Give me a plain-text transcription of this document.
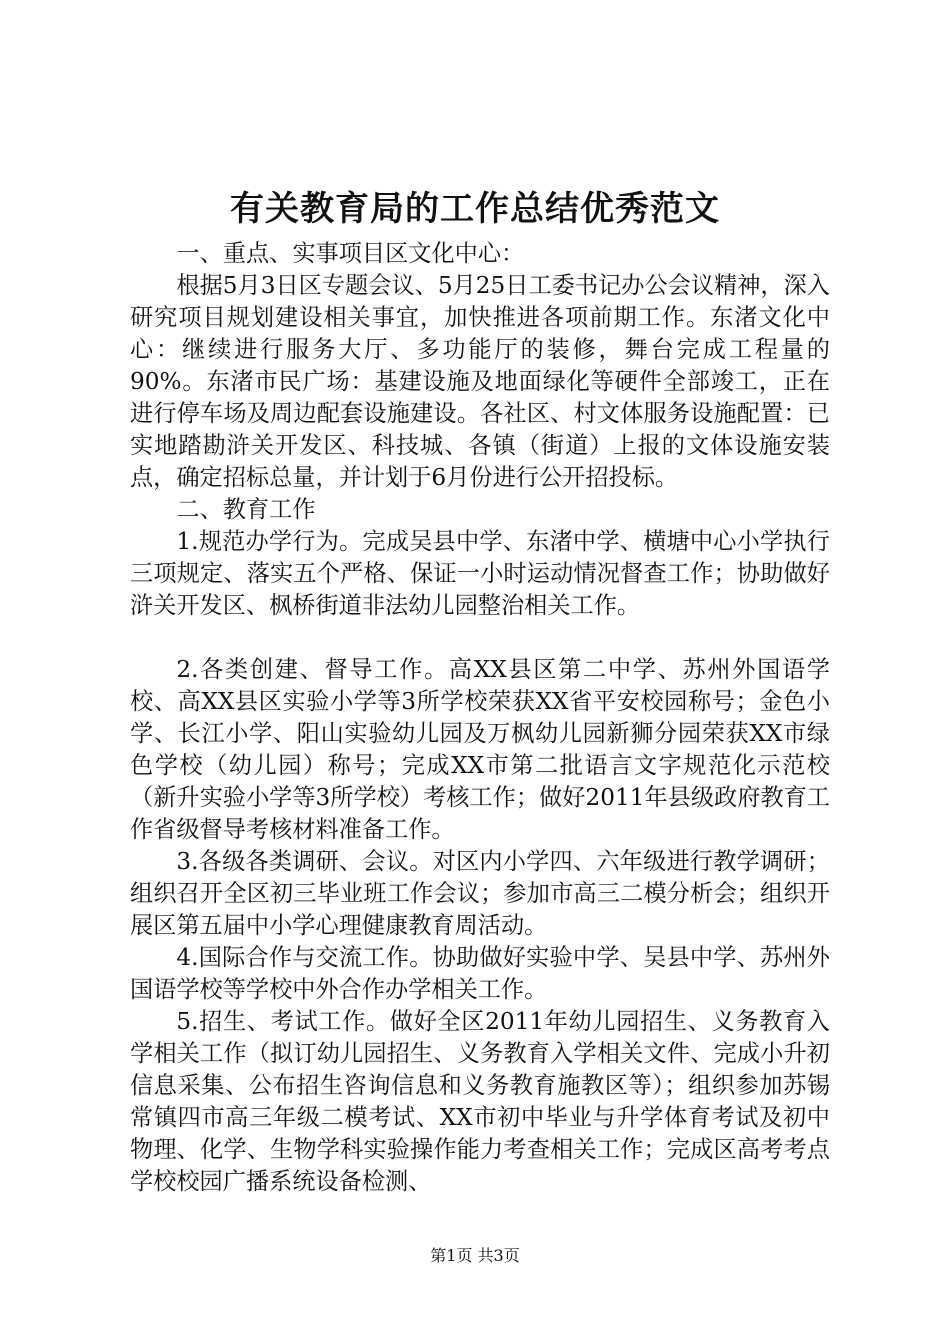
有关教育局的工作总结优秀范文

一、重点、实事项目区文化中心：

根据5月3日区专题会议、5月25日工委书记办公会议精神，深入研究项目规划建设相关事宜，加快推进各项前期工作。东渚文化中心：继续进行服务大厅、多功能厅的装修，舞台完成工程量的90%。东渚市民广场：基建设施及地面绿化等硬件全部竣工，正在进行停车场及周边配套设施建设。各社区、村文体服务设施配置：已实地踏勘浒关开发区、科技城、各镇（街道）上报的文体设施安装点，确定招标总量，并计划于6月份进行公开招投标。

二、教育工作

1.规范办学行为。完成吴县中学、东渚中学、横塘中心小学执行三项规定、落实五个严格、保证一小时运动情况督查工作；协助做好浒关开发区、枫桥街道非法幼儿园整治相关工作。

2.各类创建、督导工作。高XX县区第二中学、苏州外国语学校、高XX县区实验小学等3所学校荣获XX省平安校园称号；金色小学、长江小学、阳山实验幼儿园及万枫幼儿园新狮分园荣获XX市绿色学校（幼儿园）称号；完成XX市第二批语言文字规范化示范校（新升实验小学等3所学校）考核工作；做好2011年县级政府教育工作省级督导考核材料准备工作。

3.各级各类调研、会议。对区内小学四、六年级进行教学调研；组织召开全区初三毕业班工作会议；参加市高三二模分析会；组织开展区第五届中小学心理健康教育周活动。

4.国际合作与交流工作。协助做好实验中学、吴县中学、苏州外国语学校等学校中外合作办学相关工作。

5.招生、考试工作。做好全区2011年幼儿园招生、义务教育入学相关工作（拟订幼儿园招生、义务教育入学相关文件、完成小升初信息采集、公布招生咨询信息和义务教育施教区等）；组织参加苏锡常镇四市高三年级二模考试、XX市初中毕业与升学体育考试及初中物理、化学、生物学科实验操作能力考查相关工作；完成区高考考点学校校园广播系统设备检测、

第1页 共3页
